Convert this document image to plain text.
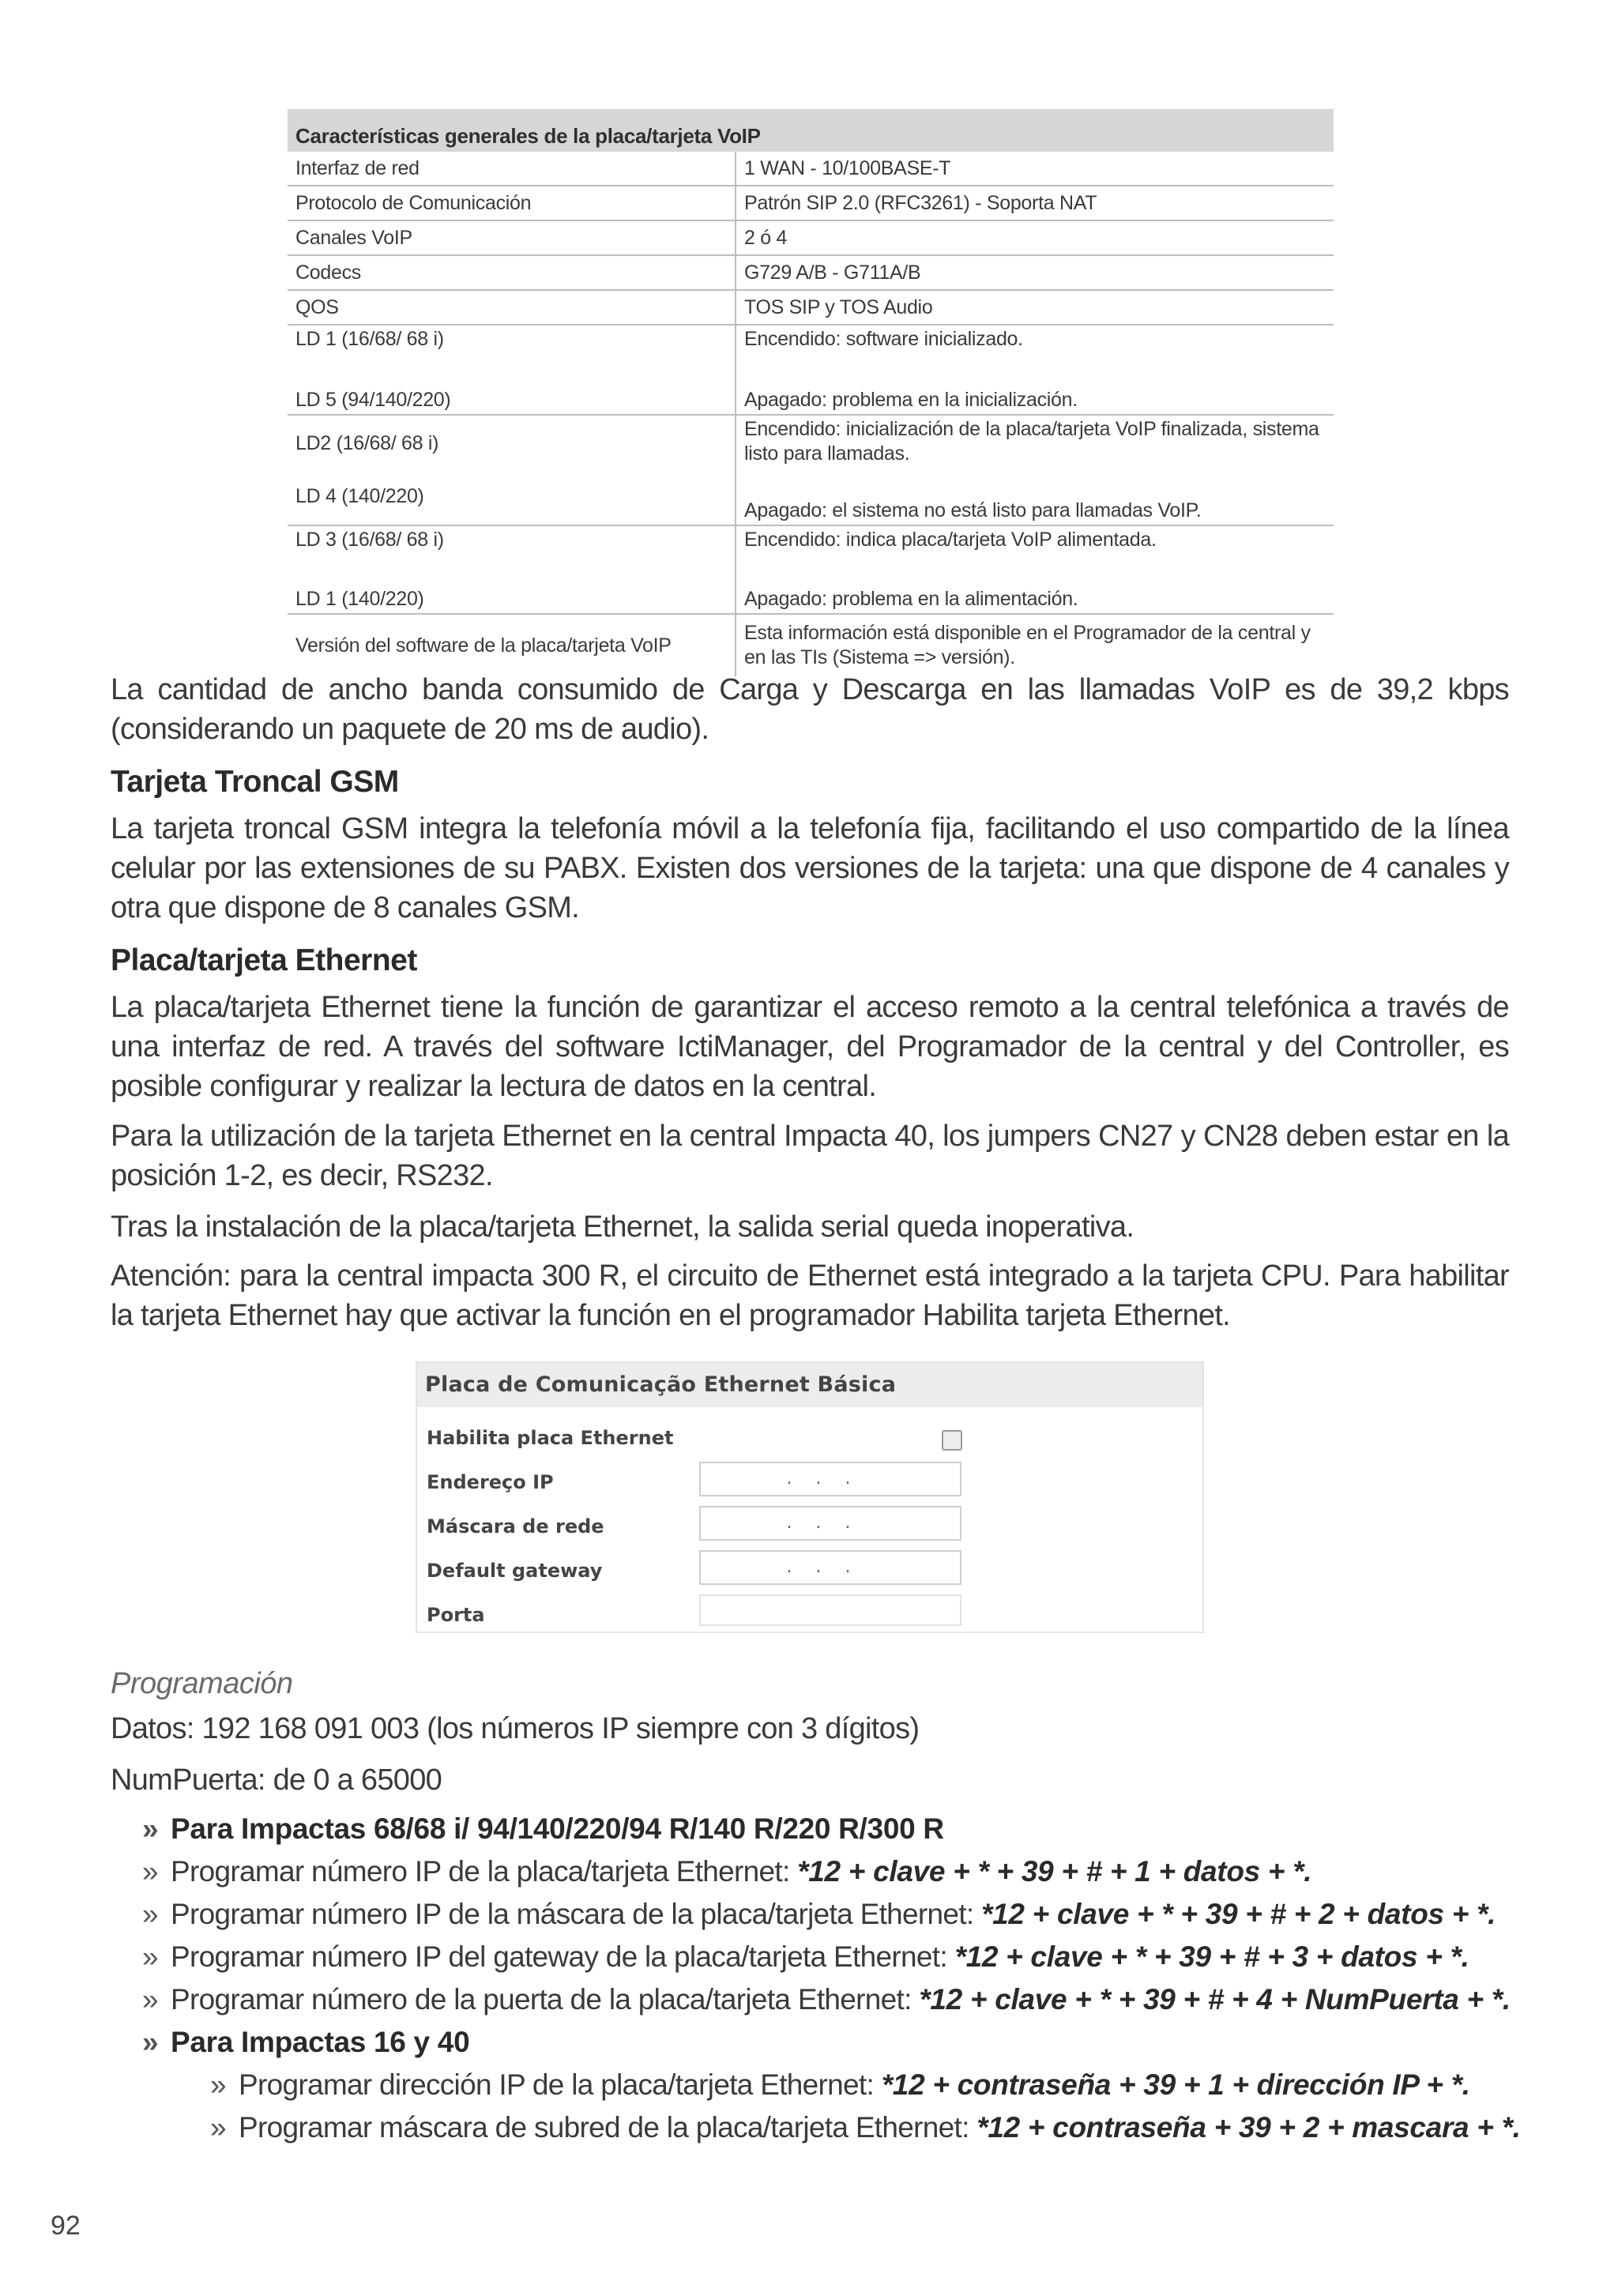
Características generales de la placa/tarjeta VoIP	
Interfaz de red	1 WAN - 10/100BASE-T
Protocolo de Comunicación	Patrón SIP 2.0 (RFC3261) - Soporta NAT
Canales VoIP	2 ó 4
Codecs	G729 A/B - G711A/B
QOS	TOS SIP y TOS Audio

LD 1 (16/68/ 68 i)
LD 5 (94/140/220)	Encendido: software inicializado.
Apagado: problema en la inicialización.

LD2 (16/68/ 68 i)
LD 4 (140/220)	Encendido: inicialización de la placa/tarjeta VoIP finalizada, sistema listo para llamadas.
Apagado: el sistema no está listo para llamadas VoIP.

LD 3 (16/68/ 68 i)
LD 1 (140/220)	Encendido: indica placa/tarjeta VoIP alimentada.
Apagado: problema en la alimentación.

Versión del software de la placa/tarjeta VoIP	Esta información está disponible en el Programador de la central y en las TIs (Sistema => versión).
La cantidad de ancho banda consumido de Carga y Descarga en las llamadas VoIP es de 39,2 kbps (considerando un paquete de 20 ms de audio).
Tarjeta Troncal GSM
La tarjeta troncal GSM integra la telefonía móvil a la telefonía fija, facilitando el uso compartido de la línea celular por las extensiones de su PABX. Existen dos versiones de la tarjeta: una que dispone de 4 canales y otra que dispone de 8 canales GSM.
Placa/tarjeta Ethernet
La placa/tarjeta Ethernet tiene la función de garantizar el acceso remoto a la central telefónica a través de una interfaz de red. A través del software IctiManager, del Programador de la central y del Controller, es posible configurar y realizar la lectura de datos en la central.
Para la utilización de la tarjeta Ethernet en la central Impacta 40, los jumpers CN27 y CN28 deben estar en la posición 1-2, es decir, RS232.
Tras la instalación de la placa/tarjeta Ethernet, la salida serial queda inoperativa.
Atención: para la central impacta 300 R, el circuito de Ethernet está integrado a la tarjeta CPU. Para habilitar la tarjeta Ethernet hay que activar la función en el programador Habilita tarjeta Ethernet.
Placa de Comunicação Ethernet Básica
Habilita placa Ethernet
Endereço IP	...
Máscara de rede	...
Default gateway	...
Porta
Programación
Datos: 192 168 091 003 (los números IP siempre con 3 dígitos)
NumPuerta: de 0 a 65000
» Para Impactas 68/68 i/ 94/140/220/94 R/140 R/220 R/300 R
» Programar número IP de la placa/tarjeta Ethernet: *12 + clave + * + 39 + # + 1 + datos + *.
» Programar número IP de la máscara de la placa/tarjeta Ethernet: *12 + clave + * + 39 + # + 2 + datos + *.
» Programar número IP del gateway de la placa/tarjeta Ethernet: *12 + clave + * + 39 + # + 3 + datos + *.
» Programar número de la puerta de la placa/tarjeta Ethernet: *12 + clave + * + 39 + # + 4 + NumPuerta + *.
» Para Impactas 16 y 40
» Programar dirección IP de la placa/tarjeta Ethernet: *12 + contraseña + 39 + 1 + dirección IP + *.
» Programar máscara de subred de la placa/tarjeta Ethernet: *12 + contraseña + 39 + 2 + mascara + *.
92
